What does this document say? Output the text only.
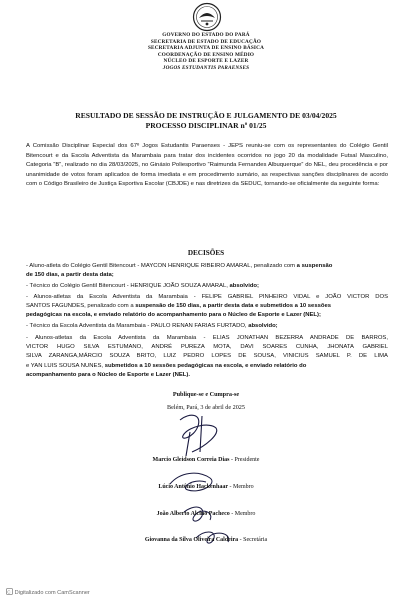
GOVERNO DO ESTADO DO PARÁ
SECRETARIA DE ESTADO DE EDUCAÇÃO
SECRETARIA ADJUNTA DE ENSINO BÁSICA
COORDENAÇÃO DE ENSINO MÉDIO
NÚCLEO DE ESPORTE E LAZER
JOGOS ESTUDANTIS PARAENSES
RESULTADO DE SESSÃO DE INSTRUÇÃO E JULGAMENTO DE 03/04/2025
PROCESSO DISCIPLINAR nº 01/25
A Comissão Disciplinar Especial dos 67º Jogos Estudantis Paraenses - JEPS reuniu-se com os representantes do Colégio Gentil Bitencourt e da Escola Adventista da Marambaia para tratar dos incidentes ocorridos no jogo 20 da modalidade Futsal Masculino, Categoria “B”, realizado no dia 28/03/2025, no Ginásio Poliesportivo “Raimunda Fernandes Albuquerque” do NEL, deu procedência e por unanimidade de votos foram aplicados de forma imediata e em procedimento sumário, as respectivas sanções disciplinares de acordo com o Código Brasileiro de Justiça Esportiva Escolar (CBJDE) e nas diretrizes da SEDUC, tornando-se oficialmente da seguinte forma:
DECISÕES
- Aluno-atleta do Colégio Gentil Bitencourt - MAYCON HENRIQUE RIBEIRO AMARAL, penalizado com a suspensão
de 150 dias, a partir desta data;
- Técnico do Colégio Gentil Bitencourt - HENRIQUE JOÃO SOUZA AMARAL, absolvido;
- Alunos-atletas da Escola Adventista da Marambaia - FELIPE GABRIEL PINHEIRO VIDAL e JOÃO VICTOR DOS
SANTOS FAGUNDES, penalizado com a suspensão de 150 dias, a partir desta data e submetidos a 10 sessões
pedagógicas na escola, e enviado relatório do acompanhamento para o Núcleo de Esporte e Lazer (NEL);
- Técnico da Escola Adventista da Marambaia - PAULO RENAN FARIAS FURTADO, absolvido;
- Alunos-atletas da Escola Adventista da Marambaia - ELIAS JONATHAN BEZERRA ANDRADE DE BARROS,
VICTOR HUGO SILVA ESTUMANO, ANDRÉ PUREZA MOTA, DAVI SOARES CUNHA, JHONATA GABRIEL
SILVA ZARANGA,MÁRCIO SOUZA BRITO, LUIZ PEDRO LOPES DE SOUSA, VINICIUS SAMUEL P. DE LIMA
e YAN LUIS SOUSA NUNES, submetidos a 10 sessões pedagógicas na escola, e enviado relatório do
acompanhamento para o Núcleo de Esporte e Lazer (NEL).
Publique-se e Cumpra-se
Belém, Pará, 3 de abril de 2025
Marcio Gleidson Correia Dias - Presidente
Lúcio Antônio Hackenhaar - Membro
João Alberto Alcino Pacheco - Membro
Giovanna da Silva Oliveira Caldeira - Secretária
C Digitalizado com CamScanner
